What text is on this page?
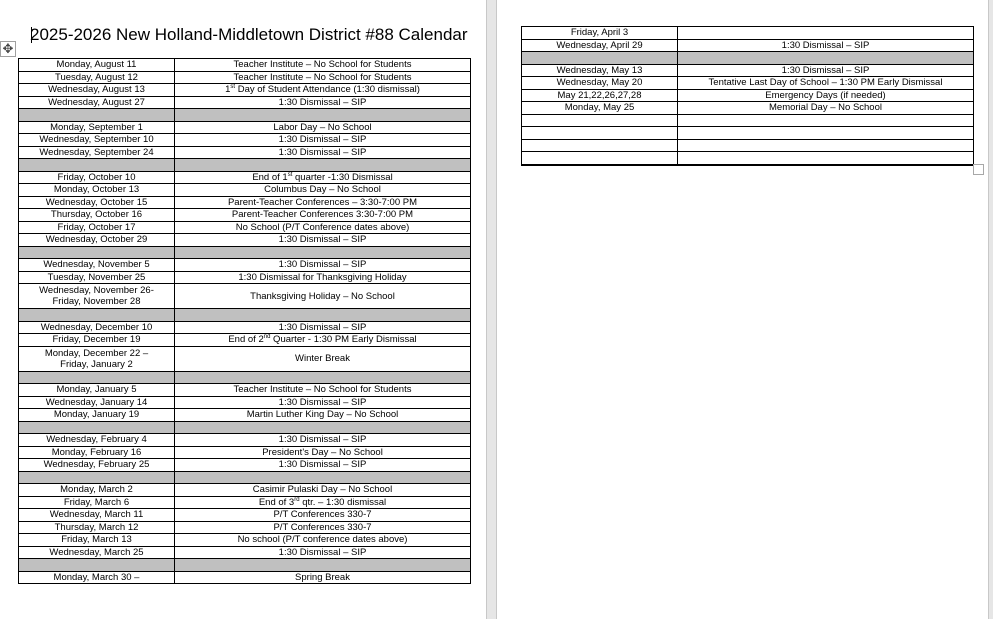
2025-2026 New Holland-Middletown District #88 Calendar
✥
Monday, August 11	Teacher Institute – No School for Students
Tuesday, August 12	Teacher Institute – No School for Students
Wednesday, August 13	1st Day of Student Attendance (1:30 dismissal)
Wednesday, August 27	1:30 Dismissal – SIP

Monday, September 1	Labor Day – No School
Wednesday, September 10	1:30 Dismissal – SIP
Wednesday, September 24	1:30 Dismissal – SIP

Friday, October 10	End of 1st quarter -1:30 Dismissal
Monday, October 13	Columbus Day – No School
Wednesday, October 15	Parent-Teacher Conferences – 3:30-7:00 PM
Thursday, October 16	Parent-Teacher Conferences 3:30-7:00 PM
Friday, October 17	No School (P/T Conference dates above)
Wednesday, October 29	1:30 Dismissal – SIP

Wednesday, November 5	1:30 Dismissal – SIP
Tuesday, November 25	1:30 Dismissal for Thanksgiving Holiday
Wednesday, November 26-
Friday, November 28	Thanksgiving Holiday – No School

Wednesday, December 10	1:30 Dismissal – SIP
Friday, December 19	End of 2nd Quarter - 1:30 PM Early Dismissal
Monday, December 22 –
Friday, January 2	Winter Break

Monday, January 5	Teacher Institute – No School for Students
Wednesday, January 14	1:30 Dismissal – SIP
Monday, January 19	Martin Luther King Day – No School

Wednesday, February 4	1:30 Dismissal – SIP
Monday, February 16	President's Day – No School
Wednesday, February 25	1:30 Dismissal – SIP

Monday, March 2	Casimir Pulaski Day – No School
Friday, March 6	End of 3rd qtr. – 1:30 dismissal
Wednesday, March 11	P/T Conferences 330-7
Thursday, March 12	P/T Conferences 330-7
Friday, March 13	No school (P/T conference dates above)
Wednesday, March 25	1:30 Dismissal – SIP

Monday, March 30 –	Spring Break
Friday, April 3	
Wednesday, April 29	1:30 Dismissal – SIP

Wednesday, May 13	1:30 Dismissal – SIP
Wednesday, May 20	Tentative Last Day of School – 1:30 PM Early Dismissal
May 21,22,26,27,28	Emergency Days (if needed)
Monday, May 25	Memorial Day – No School
